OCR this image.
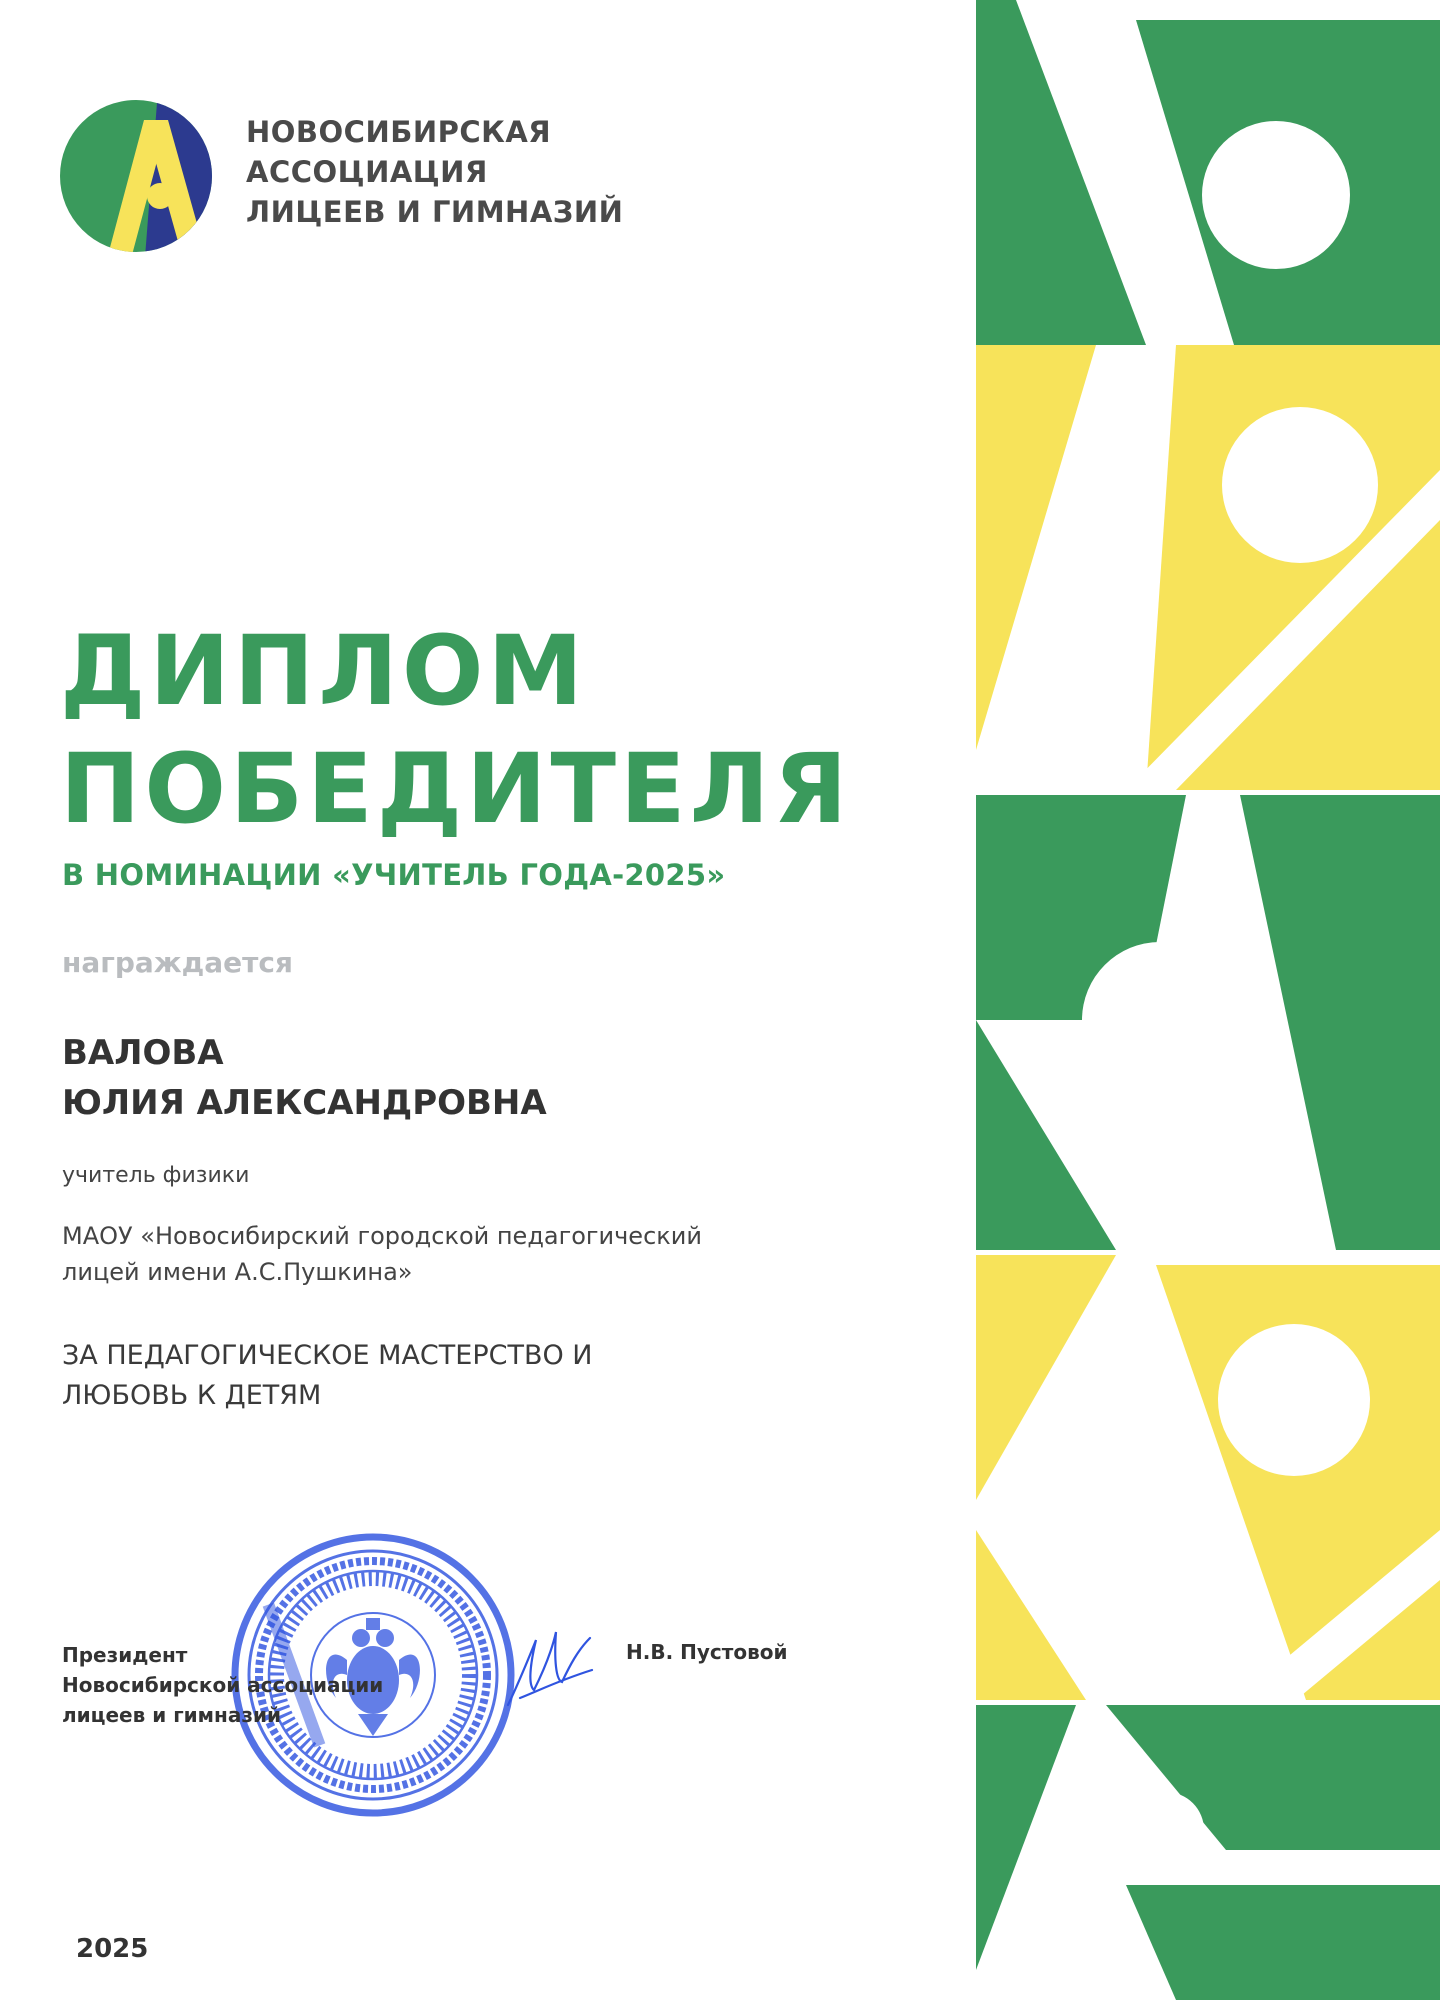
НОВОСИБИРСКАЯ
АССОЦИАЦИЯ
ЛИЦЕЕВ И ГИМНАЗИЙ

ДИПЛОМ
ПОБЕДИТЕЛЯ
В НОМИНАЦИИ «УЧИТЕЛЬ ГОДА-2025»
награждается

ВАЛОВА
ЮЛИЯ АЛЕКСАНДРОВНА

учитель физики
МАОУ «Новосибирский городской педагогический
лицей имени А.С.Пушкина»
ЗА ПЕДАГОГИЧЕСКОЕ МАСТЕРСТВО И
ЛЮБОВЬ К ДЕТЯМ
Президент
Новосибирской ассоциации
лицеев и гимназий
Н.В. Пустовой
2025
